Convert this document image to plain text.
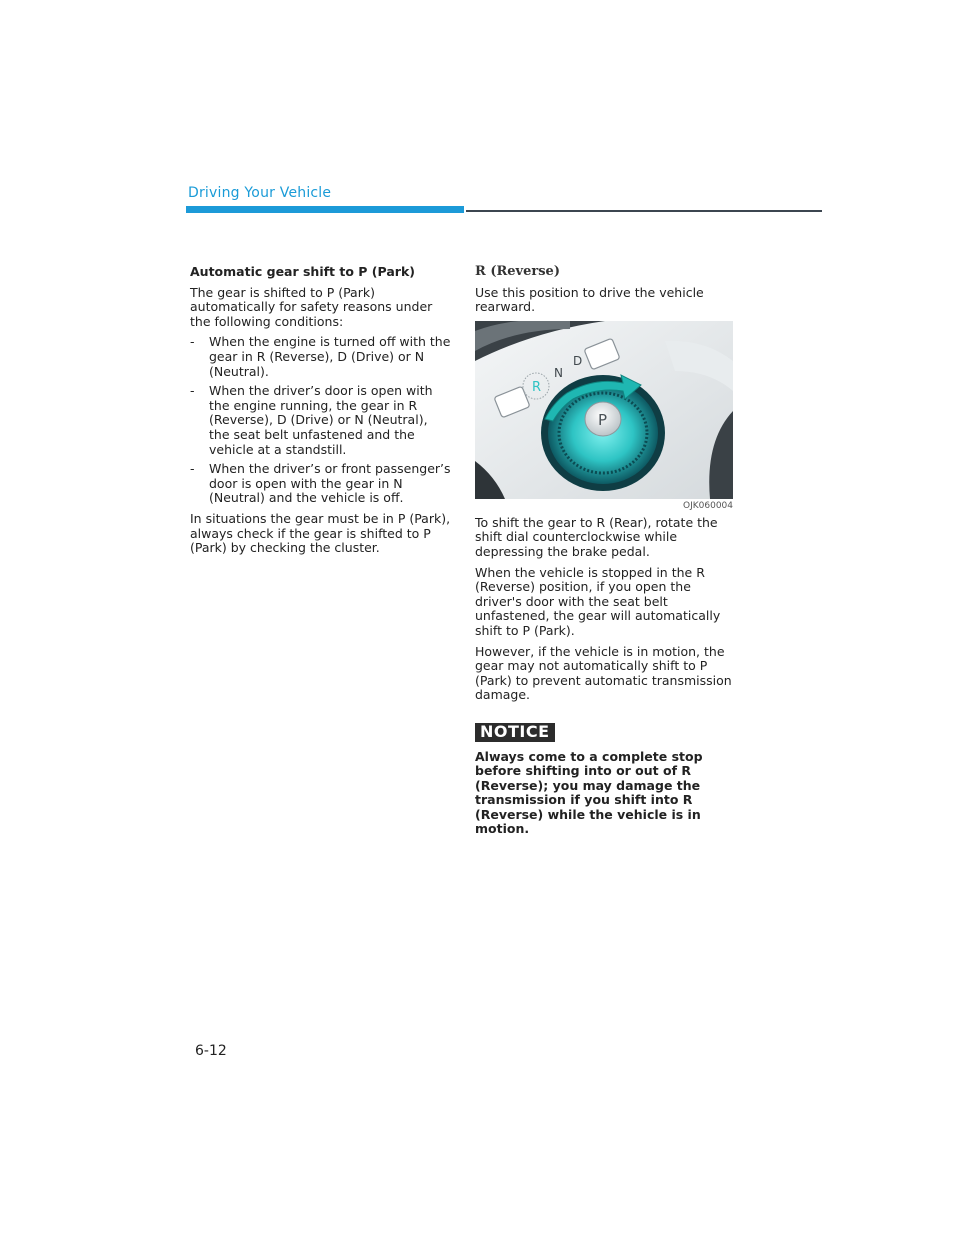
Driving Your Vehicle

Automatic gear shift to P (Park)

The gear is shifted to P (Park) automatically for safety reasons under the following conditions:

- When the engine is turned off with the gear in R (Reverse), D (Drive) or N (Neutral).
- When the driver’s door is open with the engine running, the gear in R (Reverse), D (Drive) or N (Neutral), the seat belt unfastened and the vehicle at a standstill.
- When the driver’s or front passenger’s door is open with the gear in N (Neutral) and the vehicle is off.

In situations the gear must be in P (Park), always check if the gear is shifted to P (Park) by checking the cluster.

R (Reverse)

Use this position to drive the vehicle rearward.

R
N
D
P
OJK060004

To shift the gear to R (Rear), rotate the shift dial counterclockwise while depressing the brake pedal.

When the vehicle is stopped in the R (Reverse) position, if you open the driver's door with the seat belt unfastened, the gear will automatically shift to P (Park).

However, if the vehicle is in motion, the gear may not automatically shift to P (Park) to prevent automatic transmission damage.

NOTICE

Always come to a complete stop before shifting into or out of R (Reverse); you may damage the transmission if you shift into R (Reverse) while the vehicle is in motion.

6-12
